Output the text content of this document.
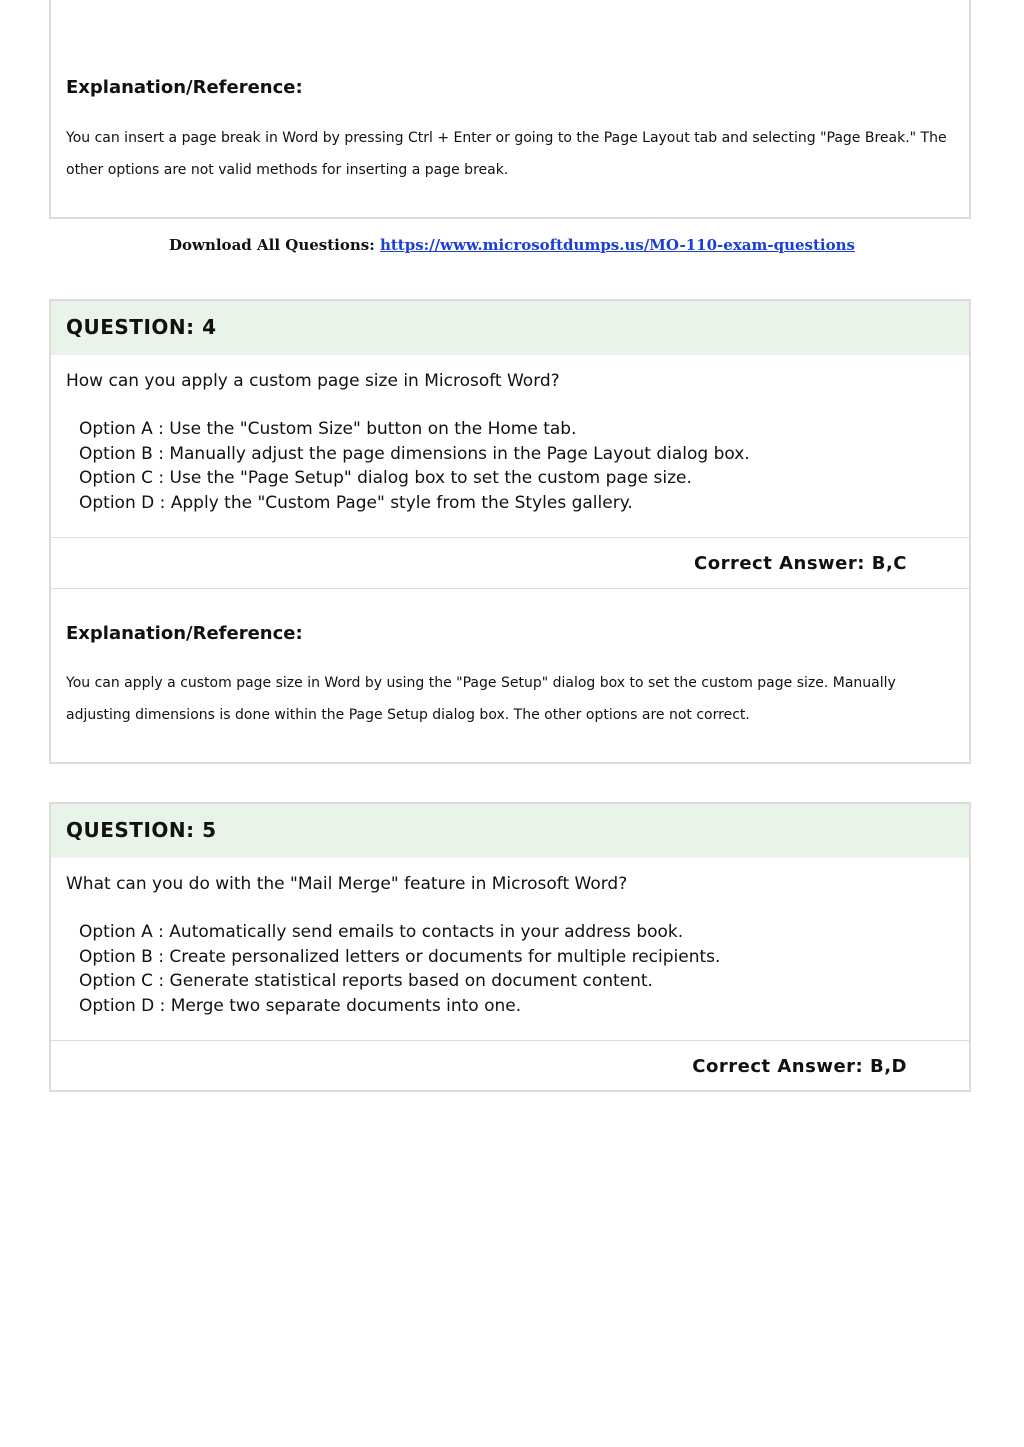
Explanation/Reference:
You can insert a page break in Word by pressing Ctrl + Enter or going to the Page Layout tab and selecting "Page Break." The other options are not valid methods for inserting a page break.
Download All Questions: https://www.microsoftdumps.us/MO-110-exam-questions
QUESTION: 4
How can you apply a custom page size in Microsoft Word?
Option A : Use the "Custom Size" button on the Home tab.
Option B : Manually adjust the page dimensions in the Page Layout dialog box.
Option C : Use the "Page Setup" dialog box to set the custom page size.
Option D : Apply the "Custom Page" style from the Styles gallery.
Correct Answer: B,C
Explanation/Reference:
You can apply a custom page size in Word by using the "Page Setup" dialog box to set the custom page size. Manually adjusting dimensions is done within the Page Setup dialog box. The other options are not correct.
QUESTION: 5
What can you do with the "Mail Merge" feature in Microsoft Word?
Option A : Automatically send emails to contacts in your address book.
Option B : Create personalized letters or documents for multiple recipients.
Option C : Generate statistical reports based on document content.
Option D : Merge two separate documents into one.
Correct Answer: B,D
